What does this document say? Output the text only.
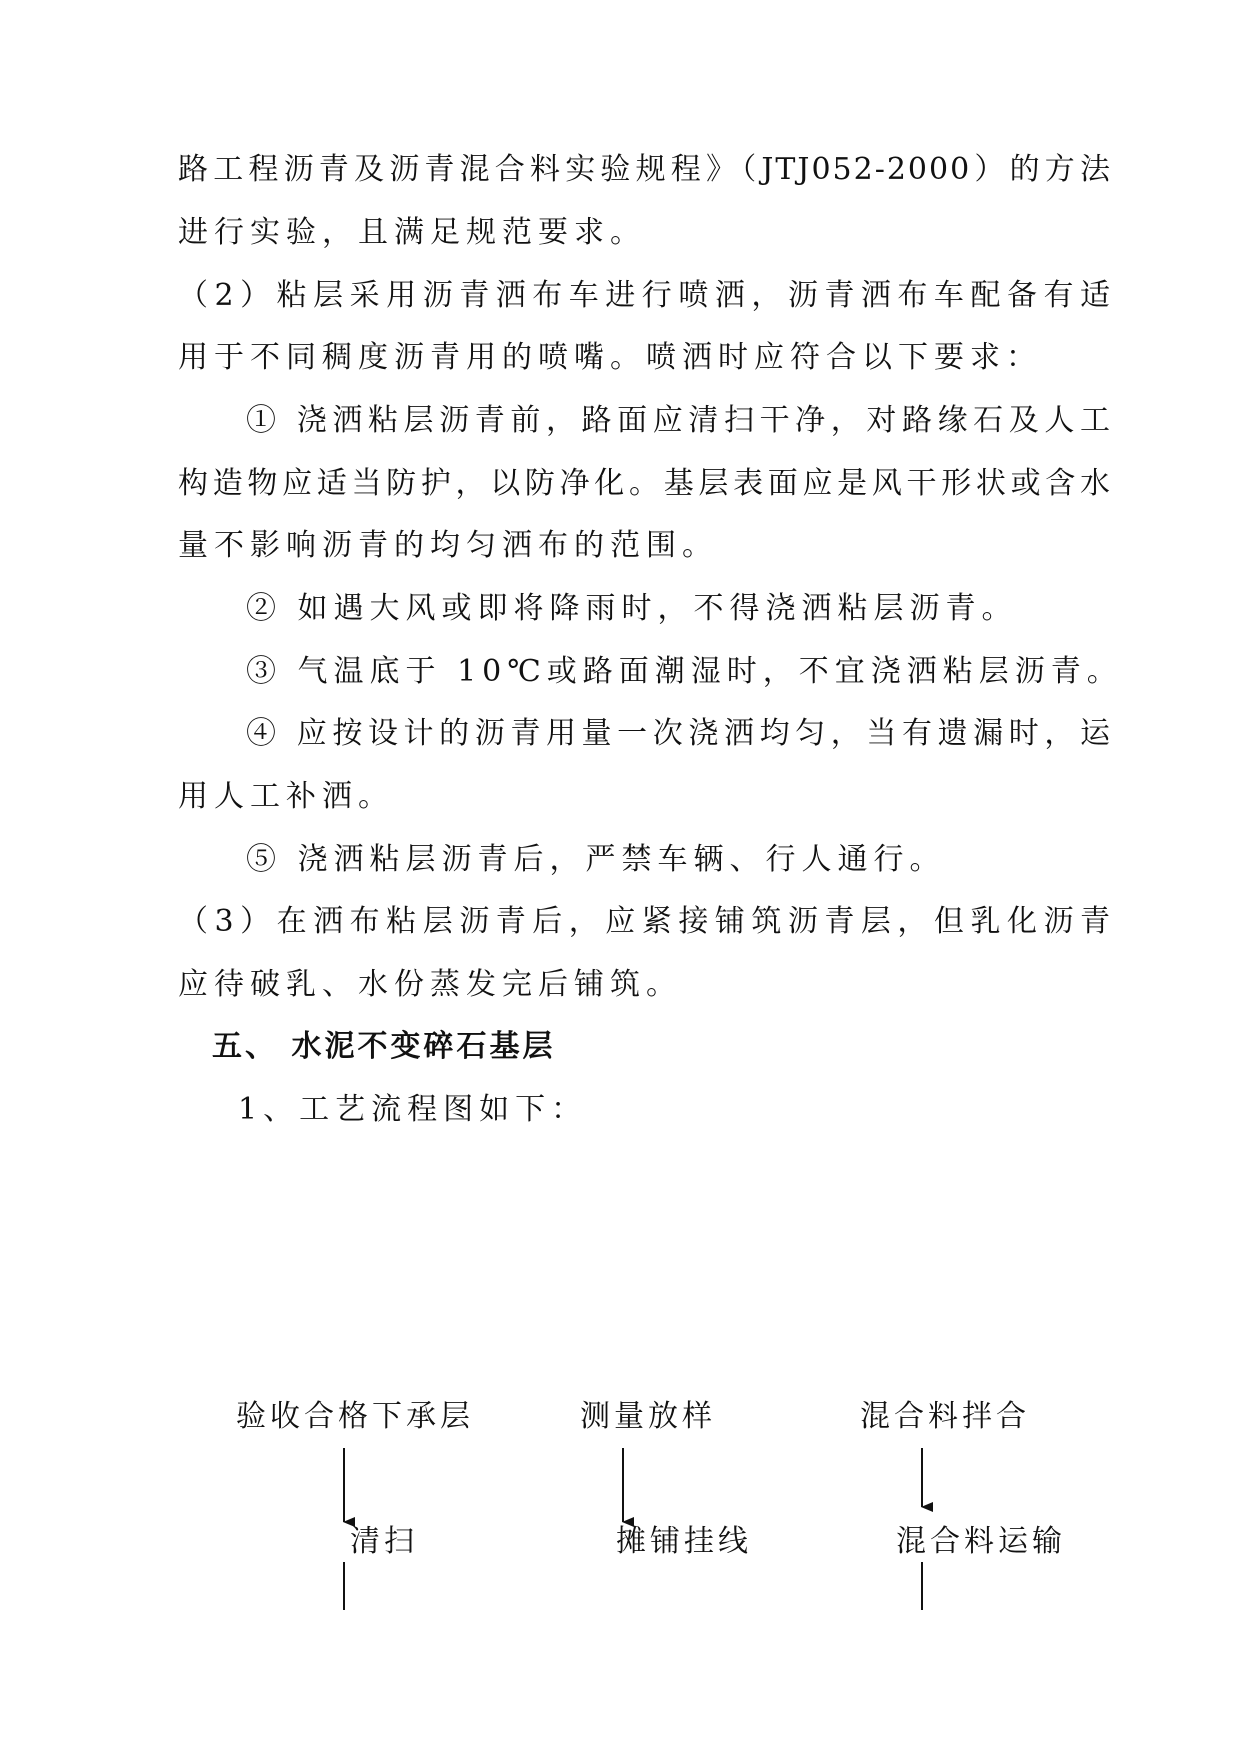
路工程沥青及沥青混合料实验规程》（JTJ052-2000）的方法
进行实验，且满足规范要求。
（2）粘层采用沥青洒布车进行喷洒，沥青洒布车配备有适
用于不同稠度沥青用的喷嘴。喷洒时应符合以下要求：
① 浇洒粘层沥青前，路面应清扫干净，对路缘石及人工
构造物应适当防护，以防净化。基层表面应是风干形状或含水
量不影响沥青的均匀洒布的范围。
② 如遇大风或即将降雨时，不得浇洒粘层沥青。
③ 气温底于 10℃或路面潮湿时，不宜浇洒粘层沥青。
④ 应按设计的沥青用量一次浇洒均匀，当有遗漏时，运
用人工补洒。
⑤ 浇洒粘层沥青后，严禁车辆、行人通行。
（3）在洒布粘层沥青后，应紧接铺筑沥青层，但乳化沥青
应待破乳、水份蒸发完后铺筑。
五、 水泥不变碎石基层
1、工艺流程图如下：
验收合格下承层	测量放样	混合料拌合
清扫	摊铺挂线	混合料运输
